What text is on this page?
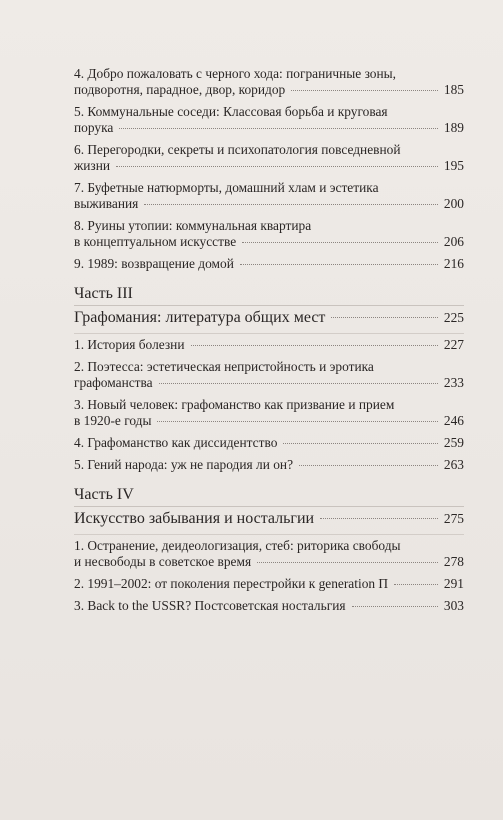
4. Добро пожаловать с черного хода: пограничные зоны,
подворотня, парадное, двор, коридор	185
5. Коммунальные соседи: Классовая борьба и круговая
порука	189
6. Перегородки, секреты и психопатология повседневной
жизни	195
7. Буфетные натюрморты, домашний хлам и эстетика
выживания	200
8. Руины утопии: коммунальная квартира
в концептуальном искусстве	206
9. 1989: возвращение домой	216
Часть III
Графомания: литература общих мест	225
1. История болезни	227
2. Поэтесса: эстетическая непристойность и эротика
графоманства	233
3. Новый человек: графоманство как призвание и прием
в 1920-е годы	246
4. Графоманство как диссидентство	259
5. Гений народа: уж не пародия ли он?	263
Часть IV
Искусство забывания и ностальгии	275
1. Остранение, деидеологизация, стеб: риторика свободы
и несвободы в советское время	278
2. 1991–2002: от поколения перестройки к generation П	291
3. Back to the USSR? Постсоветская ностальгия	303
